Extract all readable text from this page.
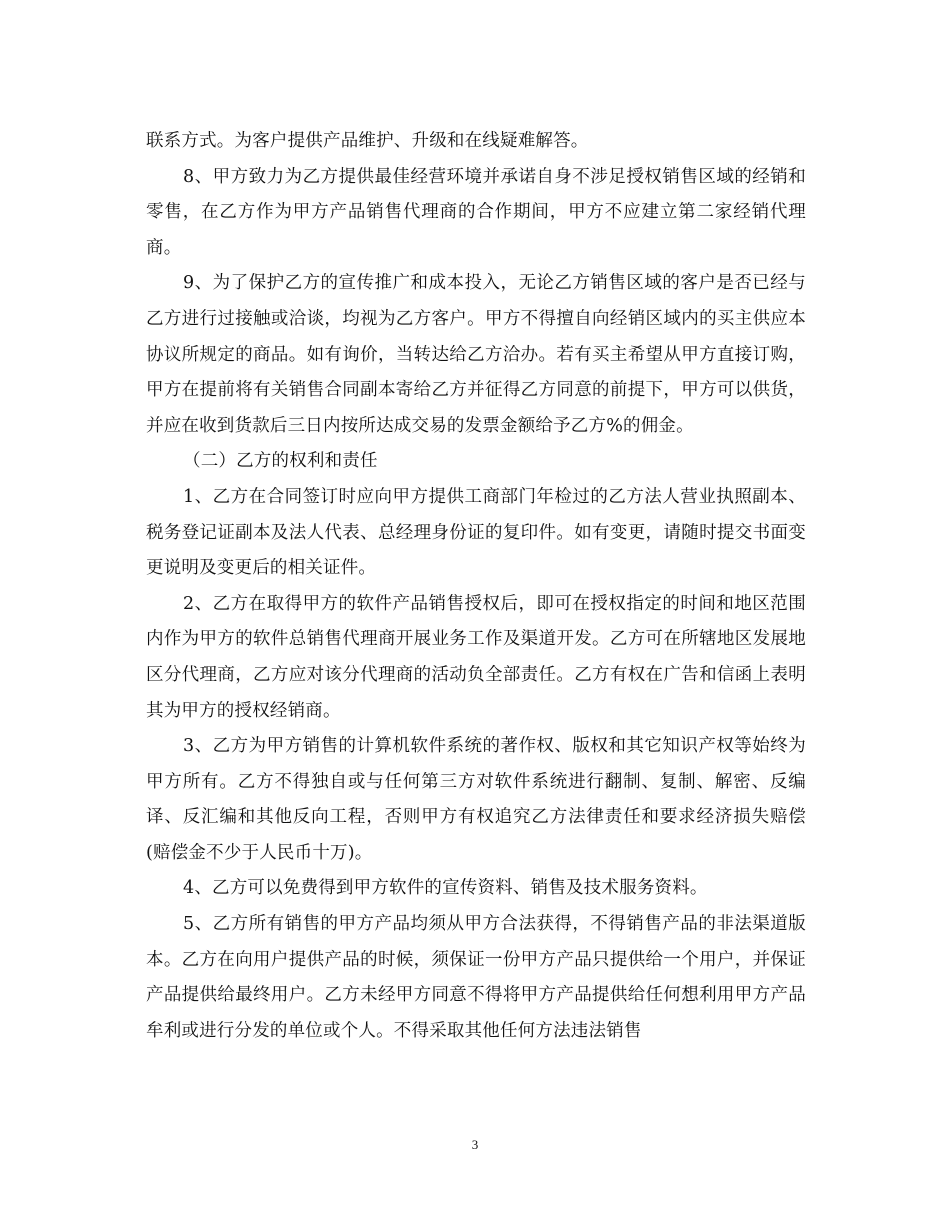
联系方式。为客户提供产品维护、升级和在线疑难解答。

8、甲方致力为乙方提供最佳经营环境并承诺自身不涉足授权销售区域的经销和零售，在乙方作为甲方产品销售代理商的合作期间，甲方不应建立第二家经销代理商。

9、为了保护乙方的宣传推广和成本投入，无论乙方销售区域的客户是否已经与乙方进行过接触或洽谈，均视为乙方客户。甲方不得擅自向经销区域内的买主供应本协议所规定的商品。如有询价，当转达给乙方洽办。若有买主希望从甲方直接订购，甲方在提前将有关销售合同副本寄给乙方并征得乙方同意的前提下，甲方可以供货，并应在收到货款后三日内按所达成交易的发票金额给予乙方%的佣金。

（二）乙方的权利和责任

1、乙方在合同签订时应向甲方提供工商部门年检过的乙方法人营业执照副本、税务登记证副本及法人代表、总经理身份证的复印件。如有变更，请随时提交书面变更说明及变更后的相关证件。

2、乙方在取得甲方的软件产品销售授权后，即可在授权指定的时间和地区范围内作为甲方的软件总销售代理商开展业务工作及渠道开发。乙方可在所辖地区发展地区分代理商，乙方应对该分代理商的活动负全部责任。乙方有权在广告和信函上表明其为甲方的授权经销商。

3、乙方为甲方销售的计算机软件系统的著作权、版权和其它知识产权等始终为甲方所有。乙方不得独自或与任何第三方对软件系统进行翻制、复制、解密、反编译、反汇编和其他反向工程，否则甲方有权追究乙方法律责任和要求经济损失赔偿(赔偿金不少于人民币十万)。

4、乙方可以免费得到甲方软件的宣传资料、销售及技术服务资料。

5、乙方所有销售的甲方产品均须从甲方合法获得，不得销售产品的非法渠道版本。乙方在向用户提供产品的时候，须保证一份甲方产品只提供给一个用户，并保证产品提供给最终用户。乙方未经甲方同意不得将甲方产品提供给任何想利用甲方产品牟利或进行分发的单位或个人。不得采取其他任何方法违法销售

3
